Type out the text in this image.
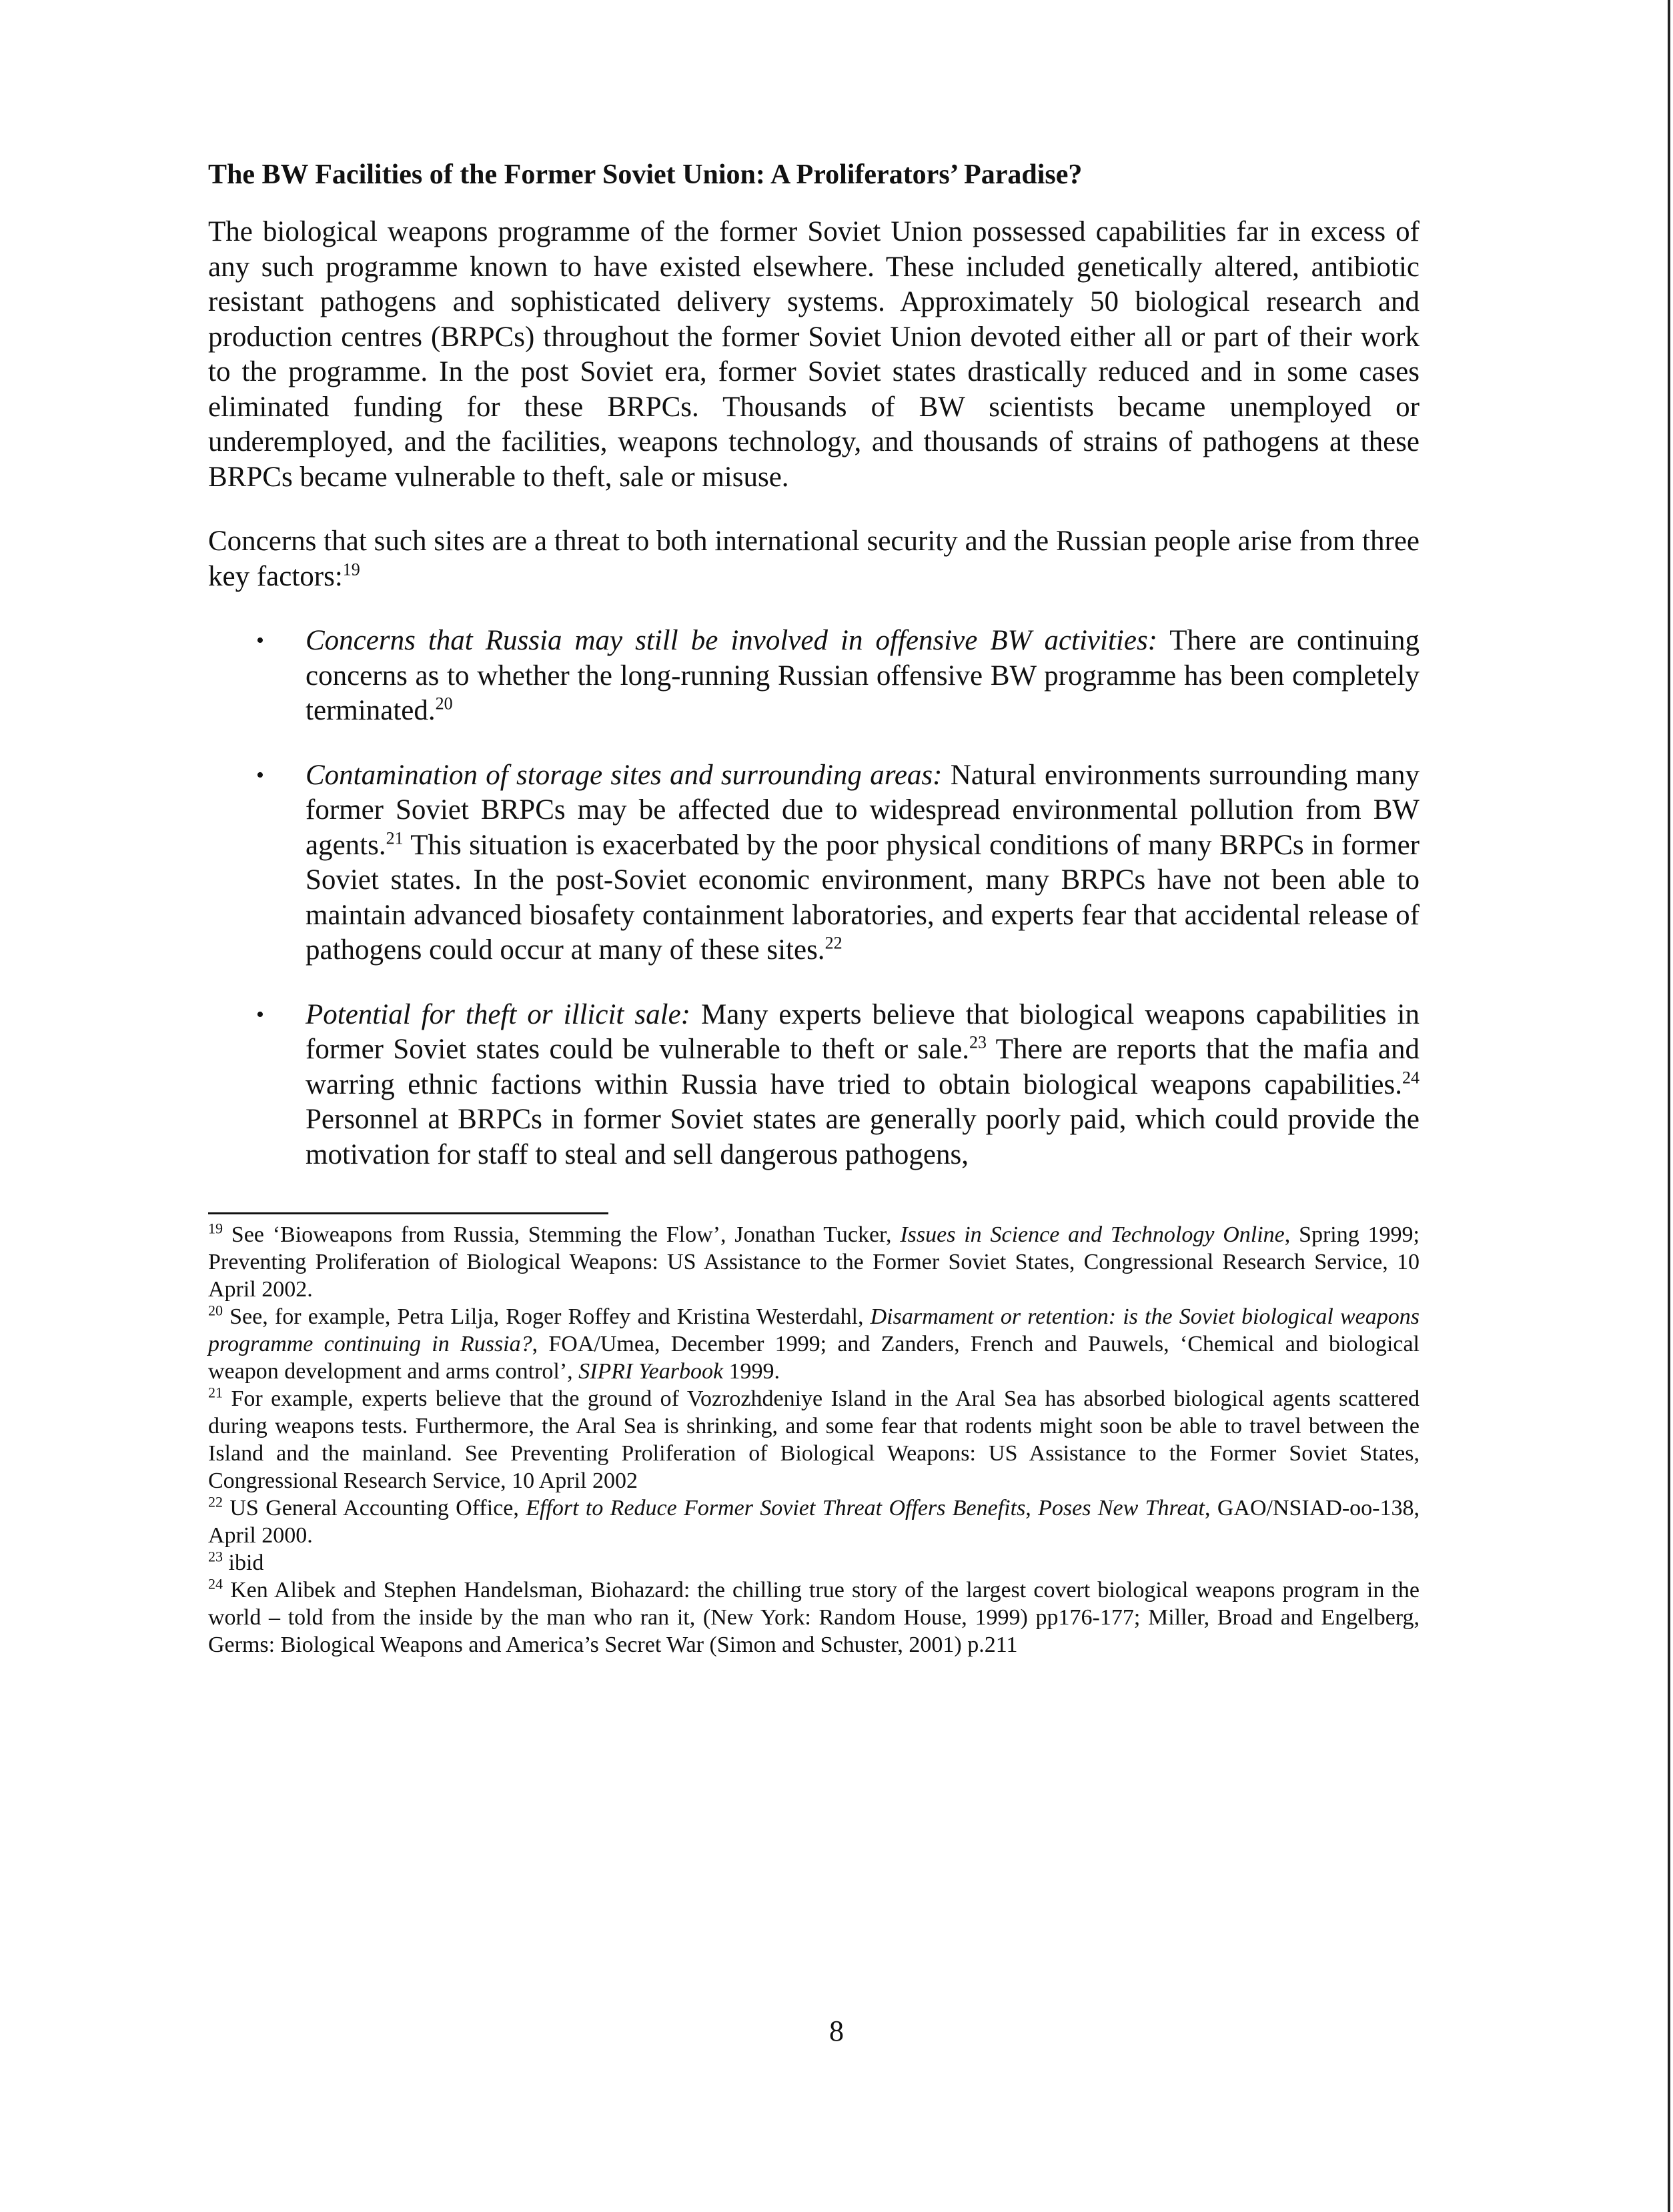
The BW Facilities of the Former Soviet Union: A Proliferators’ Paradise?

The biological weapons programme of the former Soviet Union possessed capabilities far in excess of any such programme known to have existed elsewhere. These included genetically altered, antibiotic resistant pathogens and sophisticated delivery systems. Approximately 50 biological research and production centres (BRPCs) throughout the former Soviet Union devoted either all or part of their work to the programme. In the post Soviet era, former Soviet states drastically reduced and in some cases eliminated funding for these BRPCs. Thousands of BW scientists became unemployed or underemployed, and the facilities, weapons technology, and thousands of strains of pathogens at these BRPCs became vulnerable to theft, sale or misuse.

Concerns that such sites are a threat to both international security and the Russian people arise from three key factors:$^{19}$

• Concerns that Russia may still be involved in offensive BW activities: There are continuing concerns as to whether the long-running Russian offensive BW programme has been completely terminated.$^{20}$
• Contamination of storage sites and surrounding areas: Natural environments surrounding many former Soviet BRPCs may be affected due to widespread environmental pollution from BW agents.$^{21}$ This situation is exacerbated by the poor physical conditions of many BRPCs in former Soviet states. In the post-Soviet economic environment, many BRPCs have not been able to maintain advanced biosafety containment laboratories, and experts fear that accidental release of pathogens could occur at many of these sites.$^{22}$
• Potential for theft or illicit sale: Many experts believe that biological weapons capabilities in former Soviet states could be vulnerable to theft or sale.$^{23}$ There are reports that the mafia and warring ethnic factions within Russia have tried to obtain biological weapons capabilities.$^{24}$ Personnel at BRPCs in former Soviet states are generally poorly paid, which could provide the motivation for staff to steal and sell dangerous pathogens,

$^{19}$ See ‘Bioweapons from Russia, Stemming the Flow’, Jonathan Tucker, Issues in Science and Technology Online, Spring 1999; Preventing Proliferation of Biological Weapons: US Assistance to the Former Soviet States, Congressional Research Service, 10 April 2002.

$^{20}$ See, for example, Petra Lilja, Roger Roffey and Kristina Westerdahl, Disarmament or retention: is the Soviet biological weapons programme continuing in Russia?, FOA/Umea, December 1999; and Zanders, French and Pauwels, ‘Chemical and biological weapon development and arms control’, SIPRI Yearbook 1999.

$^{21}$ For example, experts believe that the ground of Vozrozhdeniye Island in the Aral Sea has absorbed biological agents scattered during weapons tests. Furthermore, the Aral Sea is shrinking, and some fear that rodents might soon be able to travel between the Island and the mainland. See Preventing Proliferation of Biological Weapons: US Assistance to the Former Soviet States, Congressional Research Service, 10 April 2002

$^{22}$ US General Accounting Office, Effort to Reduce Former Soviet Threat Offers Benefits, Poses New Threat, GAO/NSIAD-oo-138, April 2000.

$^{23}$ ibid

$^{24}$ Ken Alibek and Stephen Handelsman, Biohazard: the chilling true story of the largest covert biological weapons program in the world – told from the inside by the man who ran it, (New York: Random House, 1999) pp176-177; Miller, Broad and Engelberg, Germs: Biological Weapons and America’s Secret War (Simon and Schuster, 2001) p.211

8
